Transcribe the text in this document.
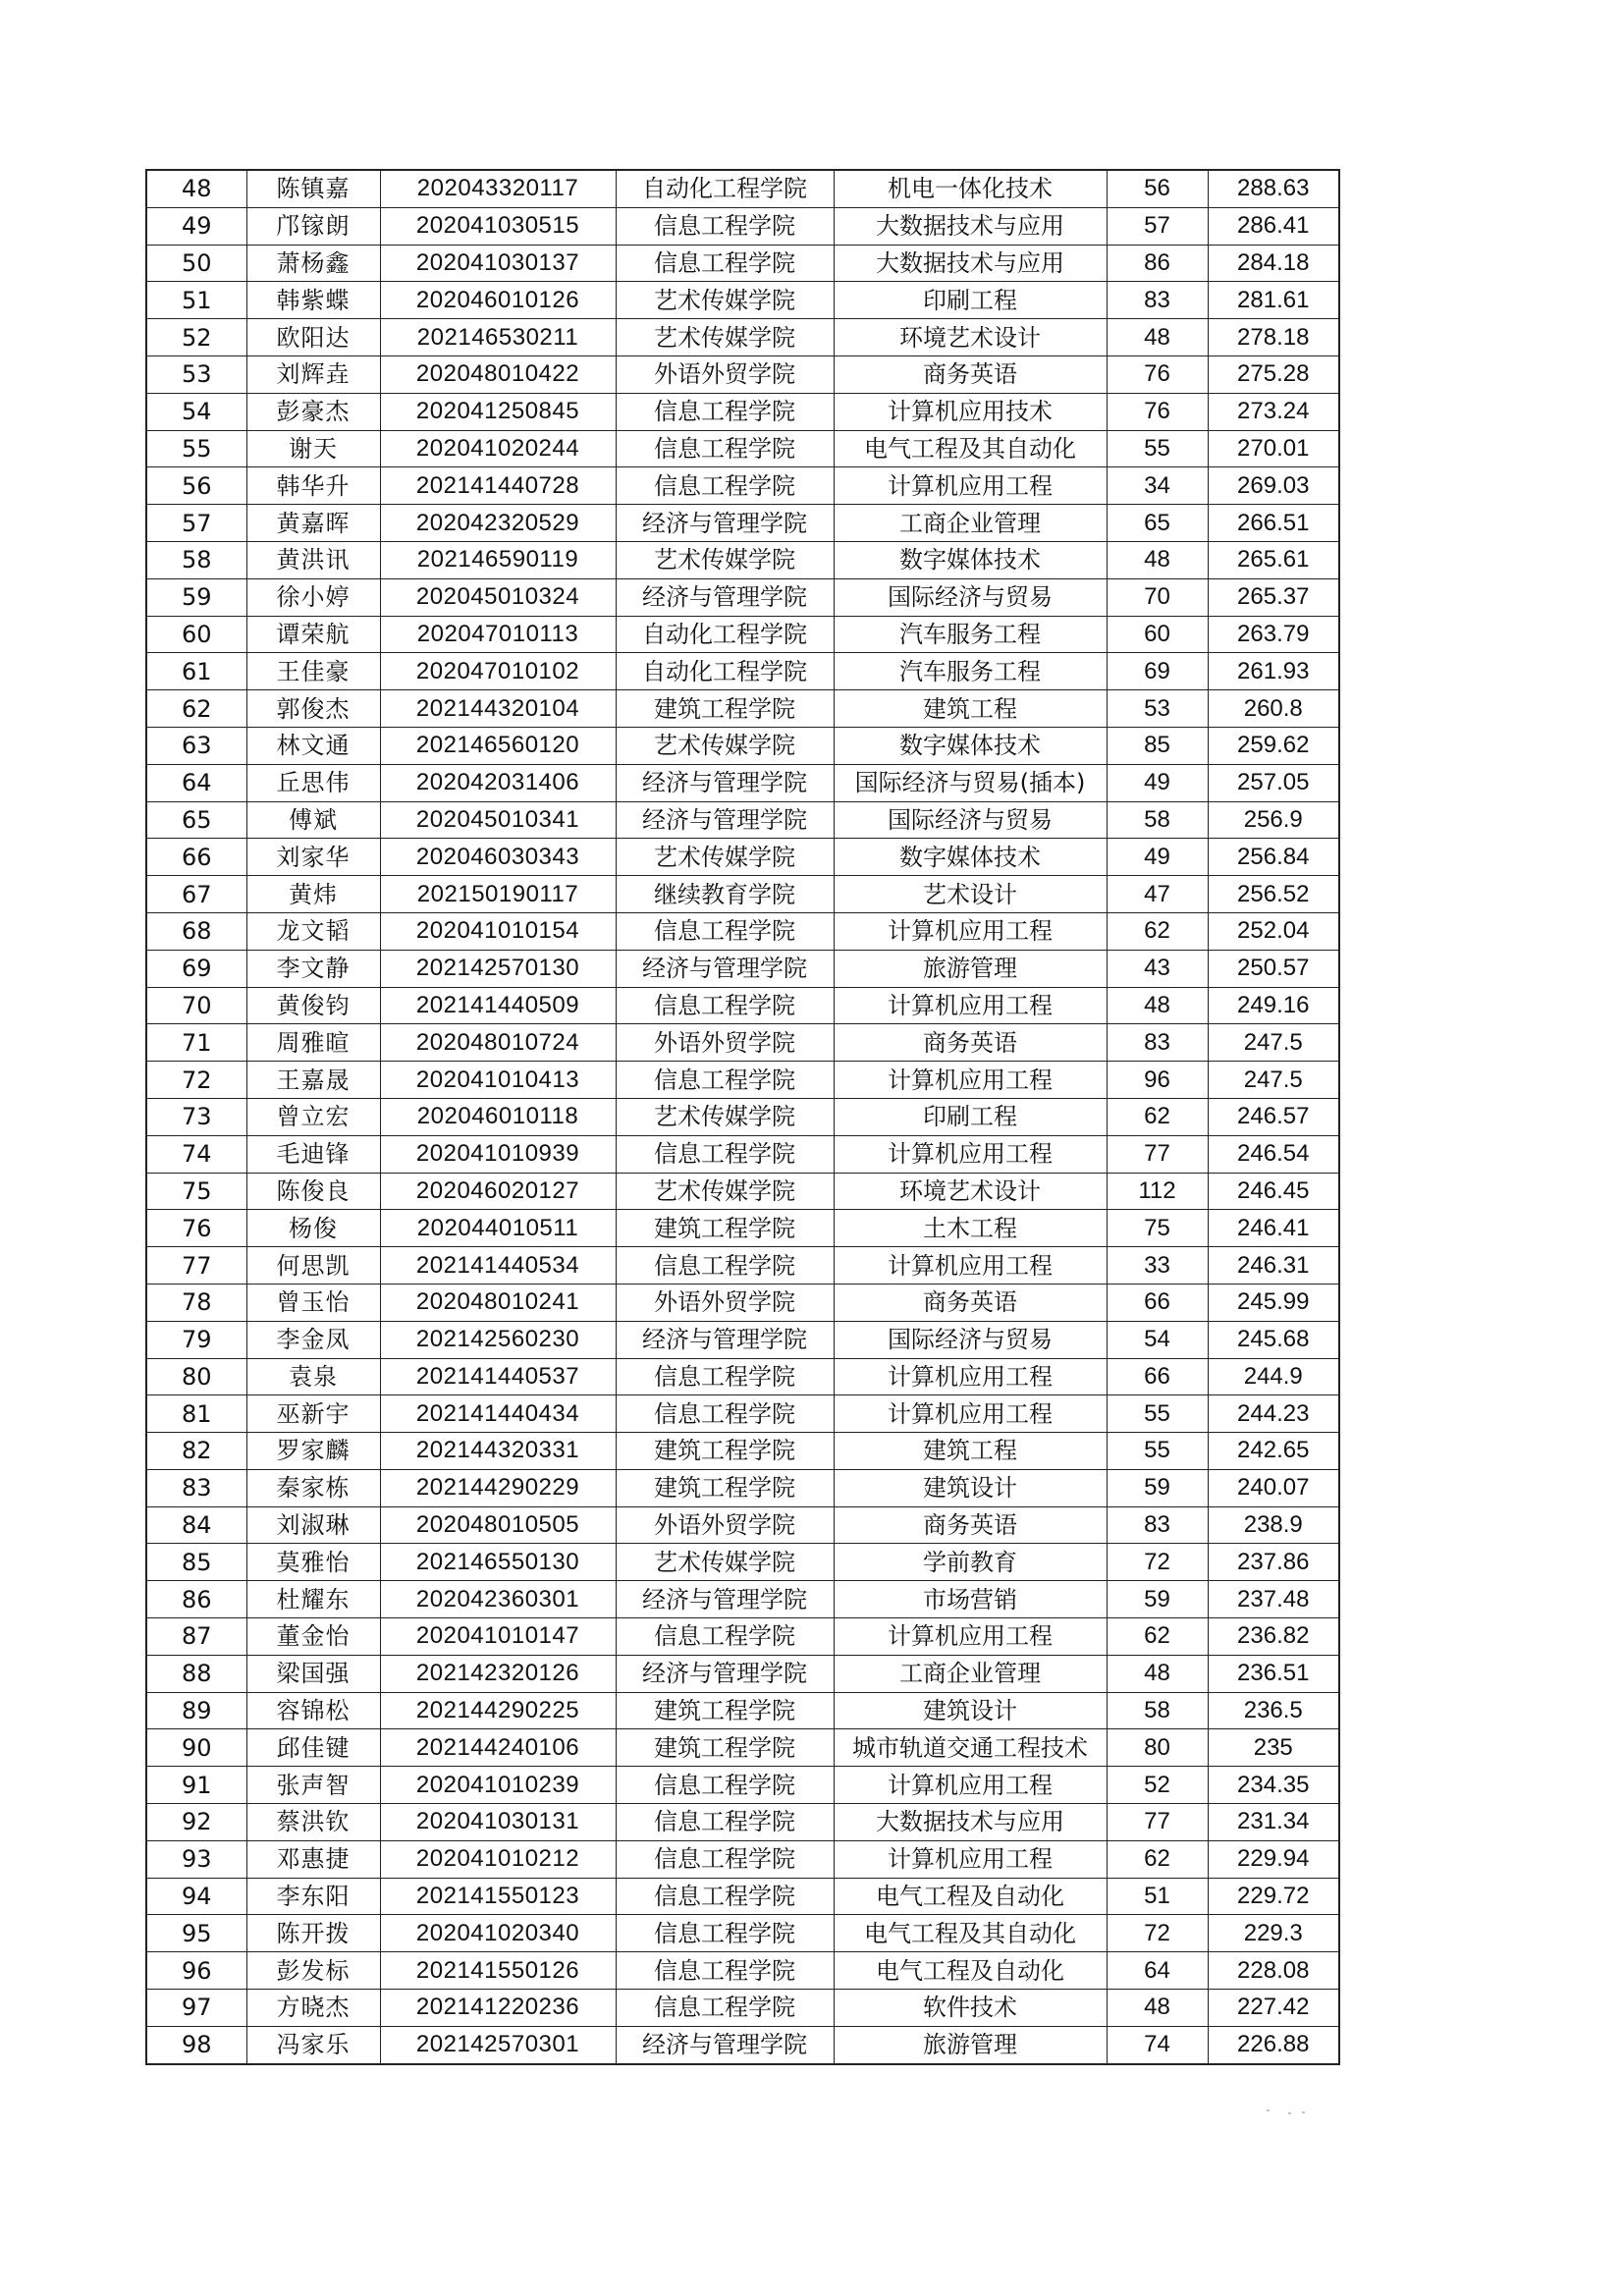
48	陈镇嘉	202043320117	自动化工程学院	机电一体化技术	56	288.63
49	邝镓朗	202041030515	信息工程学院	大数据技术与应用	57	286.41
50	萧杨鑫	202041030137	信息工程学院	大数据技术与应用	86	284.18
51	韩紫蝶	202046010126	艺术传媒学院	印刷工程	83	281.61
52	欧阳达	202146530211	艺术传媒学院	环境艺术设计	48	278.18
53	刘辉垚	202048010422	外语外贸学院	商务英语	76	275.28
54	彭豪杰	202041250845	信息工程学院	计算机应用技术	76	273.24
55	谢天	202041020244	信息工程学院	电气工程及其自动化	55	270.01
56	韩华升	202141440728	信息工程学院	计算机应用工程	34	269.03
57	黄嘉晖	202042320529	经济与管理学院	工商企业管理	65	266.51
58	黄洪讯	202146590119	艺术传媒学院	数字媒体技术	48	265.61
59	徐小婷	202045010324	经济与管理学院	国际经济与贸易	70	265.37
60	谭荣航	202047010113	自动化工程学院	汽车服务工程	60	263.79
61	王佳豪	202047010102	自动化工程学院	汽车服务工程	69	261.93
62	郭俊杰	202144320104	建筑工程学院	建筑工程	53	260.8
63	林文通	202146560120	艺术传媒学院	数字媒体技术	85	259.62
64	丘思伟	202042031406	经济与管理学院	国际经济与贸易(插本)	49	257.05
65	傅斌	202045010341	经济与管理学院	国际经济与贸易	58	256.9
66	刘家华	202046030343	艺术传媒学院	数字媒体技术	49	256.84
67	黄炜	202150190117	继续教育学院	艺术设计	47	256.52
68	龙文韬	202041010154	信息工程学院	计算机应用工程	62	252.04
69	李文静	202142570130	经济与管理学院	旅游管理	43	250.57
70	黄俊钧	202141440509	信息工程学院	计算机应用工程	48	249.16
71	周雅暄	202048010724	外语外贸学院	商务英语	83	247.5
72	王嘉晟	202041010413	信息工程学院	计算机应用工程	96	247.5
73	曾立宏	202046010118	艺术传媒学院	印刷工程	62	246.57
74	毛迪锋	202041010939	信息工程学院	计算机应用工程	77	246.54
75	陈俊良	202046020127	艺术传媒学院	环境艺术设计	112	246.45
76	杨俊	202044010511	建筑工程学院	土木工程	75	246.41
77	何思凯	202141440534	信息工程学院	计算机应用工程	33	246.31
78	曾玉怡	202048010241	外语外贸学院	商务英语	66	245.99
79	李金凤	202142560230	经济与管理学院	国际经济与贸易	54	245.68
80	袁泉	202141440537	信息工程学院	计算机应用工程	66	244.9
81	巫新宇	202141440434	信息工程学院	计算机应用工程	55	244.23
82	罗家麟	202144320331	建筑工程学院	建筑工程	55	242.65
83	秦家栋	202144290229	建筑工程学院	建筑设计	59	240.07
84	刘淑琳	202048010505	外语外贸学院	商务英语	83	238.9
85	莫雅怡	202146550130	艺术传媒学院	学前教育	72	237.86
86	杜耀东	202042360301	经济与管理学院	市场营销	59	237.48
87	董金怡	202041010147	信息工程学院	计算机应用工程	62	236.82
88	梁国强	202142320126	经济与管理学院	工商企业管理	48	236.51
89	容锦松	202144290225	建筑工程学院	建筑设计	58	236.5
90	邱佳键	202144240106	建筑工程学院	城市轨道交通工程技术	80	235
91	张声智	202041010239	信息工程学院	计算机应用工程	52	234.35
92	蔡洪钦	202041030131	信息工程学院	大数据技术与应用	77	231.34
93	邓惠捷	202041010212	信息工程学院	计算机应用工程	62	229.94
94	李东阳	202141550123	信息工程学院	电气工程及自动化	51	229.72
95	陈开拨	202041020340	信息工程学院	电气工程及其自动化	72	229.3
96	彭发标	202141550126	信息工程学院	电气工程及自动化	64	228.08
97	方晓杰	202141220236	信息工程学院	软件技术	48	227.42
98	冯家乐	202142570301	经济与管理学院	旅游管理	74	226.88
